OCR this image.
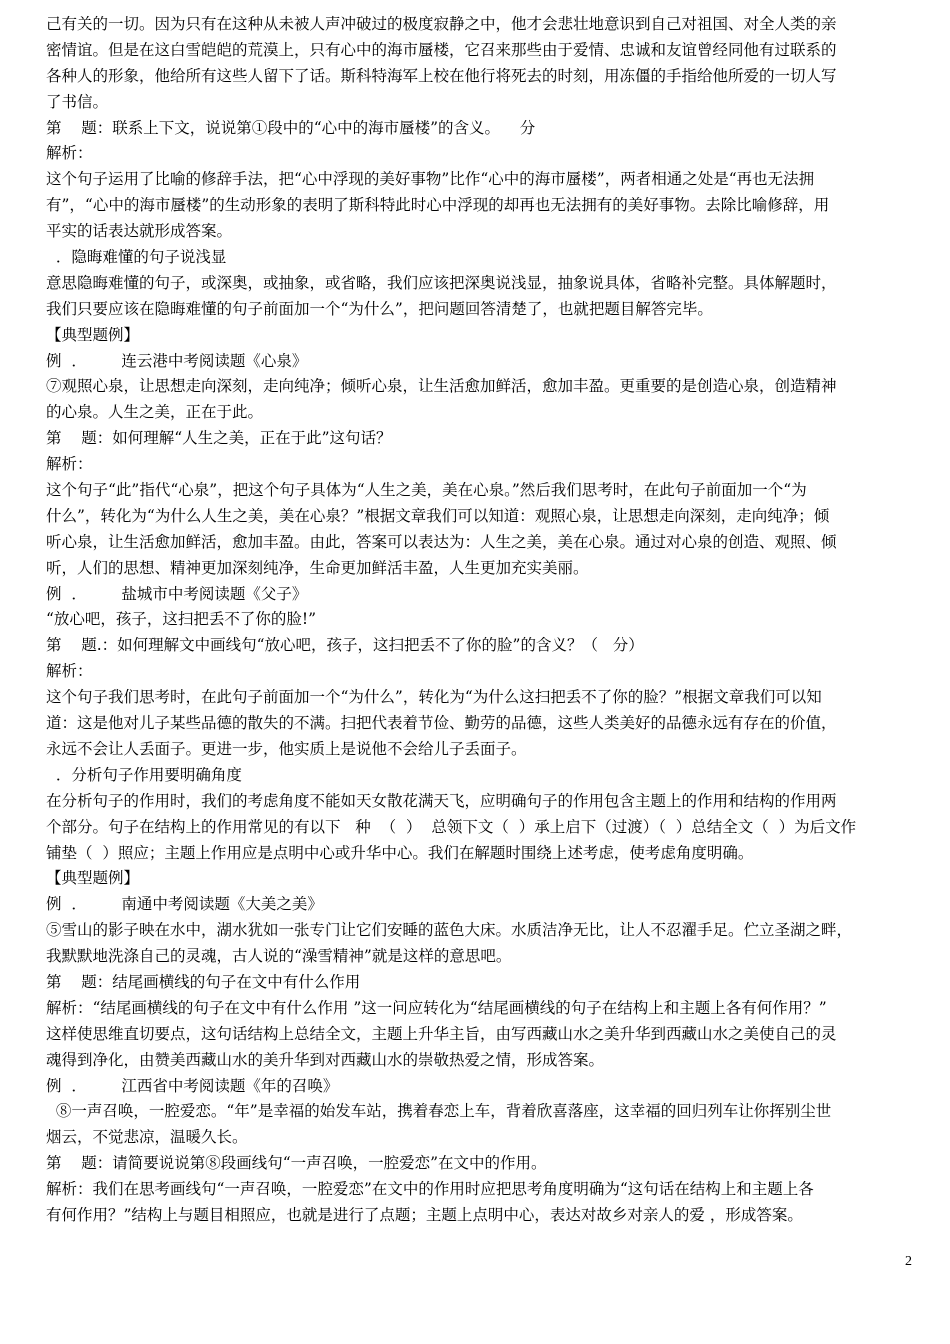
己有关的一切。因为只有在这种从未被人声冲破过的极度寂静之中，他才会悲壮地意识到自己对祖国、对全人类的亲
密情谊。但是在这白雪皑皑的荒漠上，只有心中的海市蜃楼，它召来那些由于爱情、忠诚和友谊曾经同他有过联系的
各种人的形象，他给所有这些人留下了话。斯科特海军上校在他行将死去的时刻，用冻僵的手指给他所爱的一切人写
了书信。
第    题：联系上下文，说说第①段中的“心中的海市蜃楼”的含义。    分
解析：
这个句子运用了比喻的修辞手法，把“心中浮现的美好事物”比作“心中的海市蜃楼”，两者相通之处是“再也无法拥
有”，“心中的海市蜃楼”的生动形象的表明了斯科特此时心中浮现的却再也无法拥有的美好事物。去除比喻修辞，用
平实的话表达就形成答案。
．隐晦难懂的句子说浅显
意思隐晦难懂的句子，或深奥，或抽象，或省略，我们应该把深奥说浅显，抽象说具体，省略补完整。具体解题时，
我们只要应该在隐晦难懂的句子前面加一个“为什么”，把问题回答清楚了，也就把题目解答完毕。
【典型题例】
例  ．       连云港中考阅读题《心泉》
⑦观照心泉，让思想走向深刻，走向纯净；倾听心泉，让生活愈加鲜活，愈加丰盈。更重要的是创造心泉，创造精神
的心泉。人生之美，正在于此。
第    题：如何理解“人生之美，正在于此”这句话？
解析：
这个句子“此”指代“心泉”，把这个句子具体为“人生之美，美在心泉。”然后我们思考时，在此句子前面加一个“为
什么”，转化为“为什么人生之美，美在心泉？”根据文章我们可以知道：观照心泉，让思想走向深刻，走向纯净；倾
听心泉，让生活愈加鲜活，愈加丰盈。由此，答案可以表达为：人生之美，美在心泉。通过对心泉的创造、观照、倾
听，人们的思想、精神更加深刻纯净，生命更加鲜活丰盈，人生更加充实美丽。
例  ．       盐城市中考阅读题《父子》
“放心吧，孩子，这扫把丢不了你的脸!”
第    题.：如何理解文中画线句“放心吧，孩子，这扫把丢不了你的脸”的含义？（   分）
解析：
这个句子我们思考时，在此句子前面加一个“为什么”，转化为“为什么这扫把丢不了你的脸？”根据文章我们可以知
道：这是他对儿子某些品德的散失的不满。扫把代表着节俭、勤劳的品德，这些人类美好的品德永远有存在的价值，
永远不会让人丢面子。更进一步，他实质上是说他不会给儿子丢面子。
．分析句子作用要明确角度
在分析句子的作用时，我们的考虑角度不能如天女散花满天飞，应明确句子的作用包含主题上的作用和结构的作用两
个部分。句子在结构上的作用常见的有以下   种  （  ）  总领下文（  ）承上启下（过渡）（  ）总结全文（  ）为后文作
铺垫（  ）照应；主题上作用应是点明中心或升华中心。我们在解题时围绕上述考虑，使考虑角度明确。
【典型题例】
例  ．       南通中考阅读题《大美之美》
⑤雪山的影子映在水中，湖水犹如一张专门让它们安睡的蓝色大床。水质洁净无比，让人不忍濯手足。伫立圣湖之畔，
我默默地洗涤自己的灵魂，古人说的“澡雪精神”就是这样的意思吧。
第    题：结尾画横线的句子在文中有什么作用
解析：“结尾画横线的句子在文中有什么作用 ”这一问应转化为“结尾画横线的句子在结构上和主题上各有何作用？”
这样使思维直切要点，这句话结构上总结全文，主题上升华主旨，由写西藏山水之美升华到西藏山水之美使自己的灵
魂得到净化，由赞美西藏山水的美升华到对西藏山水的崇敬热爱之情，形成答案。
例  ．       江西省中考阅读题《年的召唤》
⑧一声召唤，一腔爱恋。“年”是幸福的始发车站，携着春恋上车，背着欣喜落座，这幸福的回归列车让你挥别尘世
烟云，不觉悲凉，温暖久长。
第    题：请简要说说第⑧段画线句“一声召唤，一腔爱恋”在文中的作用。
解析：我们在思考画线句“一声召唤，一腔爱恋”在文中的作用时应把思考角度明确为“这句话在结构上和主题上各
有何作用？”结构上与题目相照应，也就是进行了点题；主题上点明中心，表达对故乡对亲人的爱 ，形成答案。
2
